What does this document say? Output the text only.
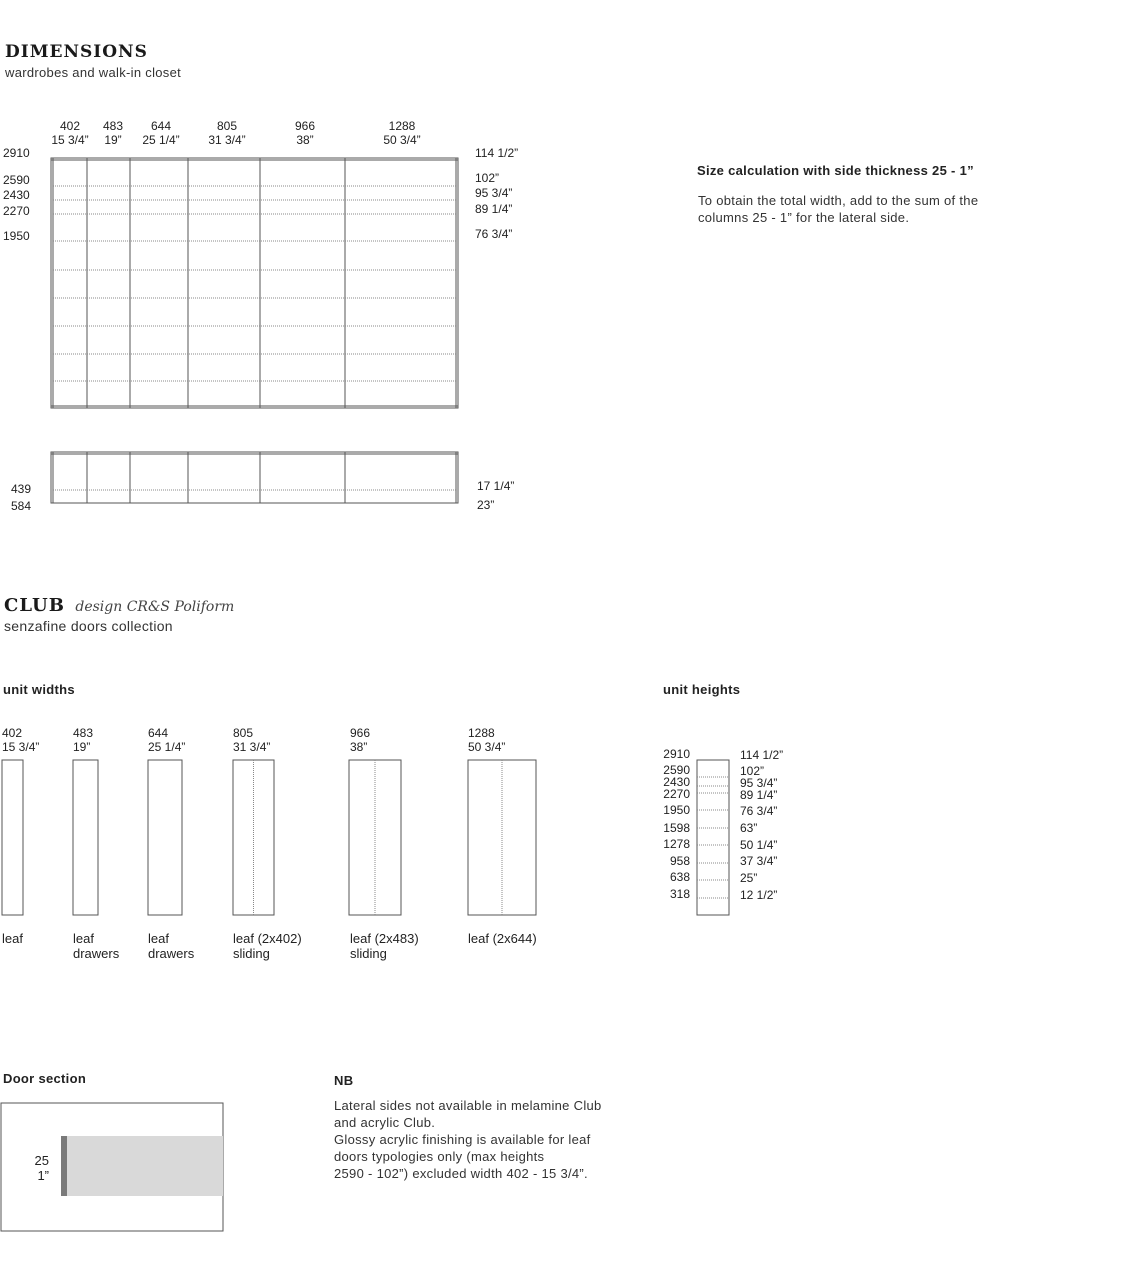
DIMENSIONS
wardrobes and walk-in closet
402
15 3/4”
483
19”
644
25 1/4”
805
31 3/4”
966
38”
1288
50 3/4”
2910
2590
2430
2270
1950
114 1/2”
102”
95 3/4”
89 1/4”
76 3/4”
439
584
17 1/4”
23”
Size calculation with side thickness 25 - 1”
To obtain the total width, add to the sum of the columns 25 - 1” for the lateral side.
CLUB design CR&S Poliform
senzafine doors collection
unit widths
402
15 3/4”
483
19”
644
25 1/4”
805
31 3/4”
966
38”
1288
50 3/4”
leaf	leaf
drawers
leaf
drawers
leaf (2x402)
sliding
leaf (2x483)
sliding
leaf (2x644)
unit heights
2910
2590
2430
2270
1950
1598
1278
958
638
318
114 1/2”
102”
95 3/4”
89 1/4”
76 3/4”
63”
50 1/4”
37 3/4”
25”
12 1/2”
Door section
25
1”
NB
Lateral sides not available in melamine Club
and acrylic Club.
Glossy acrylic finishing is available for leaf
doors typologies only (max heights
2590 - 102”) excluded width 402 - 15 3/4”.
